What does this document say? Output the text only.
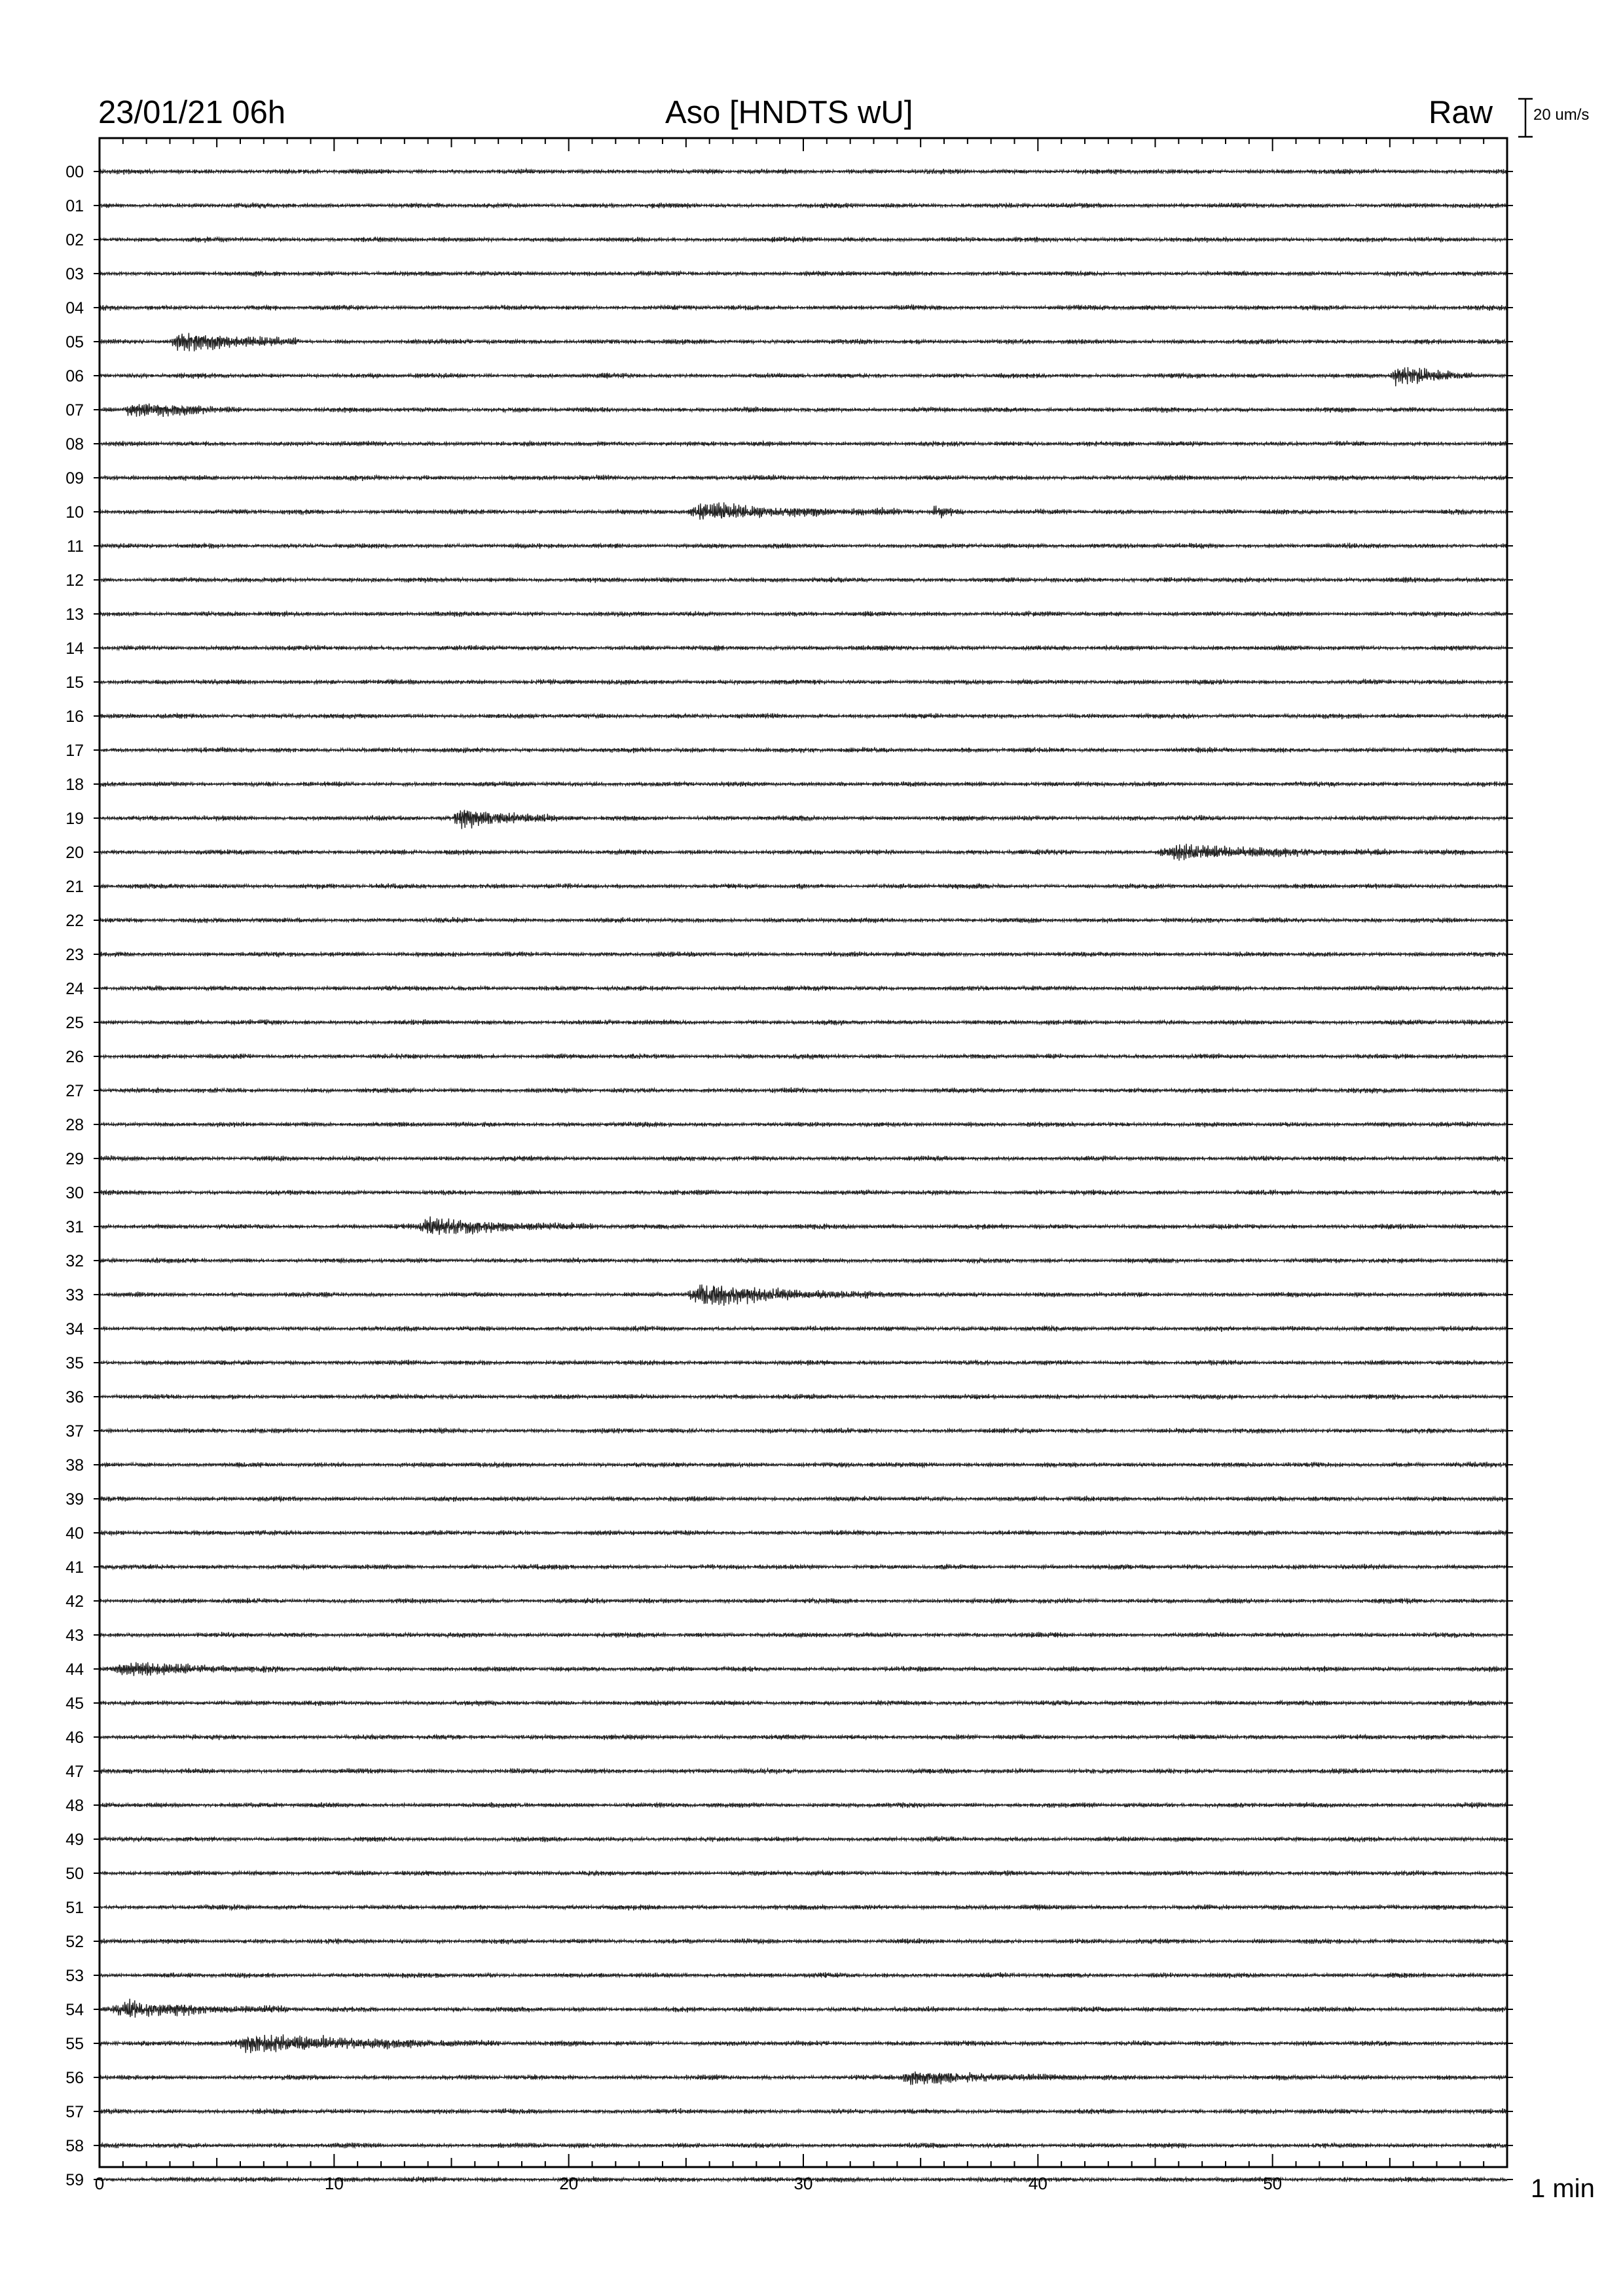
23/01/21 06h	Aso [HNDTS wU]	Raw	20 um/s
1 min
00
01
02
03
04
05
06
07
08
09
10
11
12
13
14
15
16
17
18
19
20
21
22
23
24
25
26
27
28
29
30
31
32
33
34
35
36
37
38
39
40
41
42
43
44
45
46
47
48
49
50
51
52
53
54
55
56
57
58
59 0	10	20	30	40	50
